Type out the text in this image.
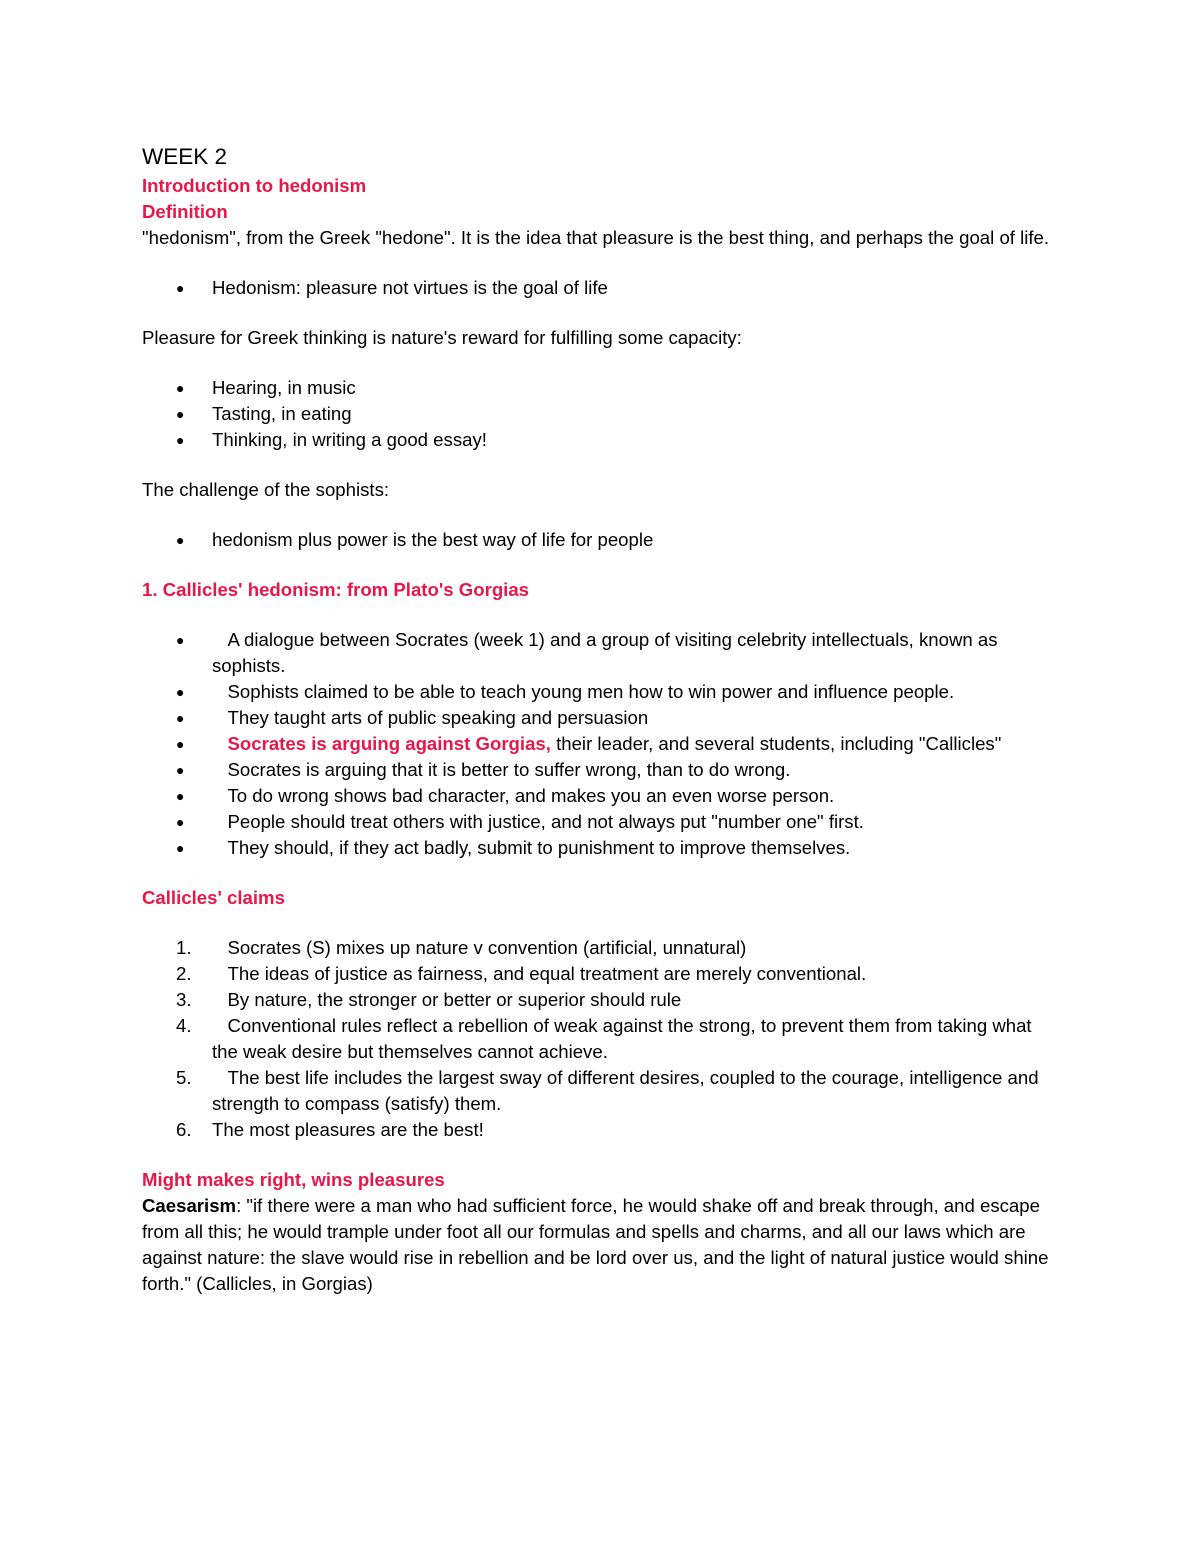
WEEK 2

Introduction to hedonism

Definition

"hedonism", from the Greek "hedone". It is the idea that pleasure is the best thing, and perhaps the goal of life.

● Hedonism: pleasure not virtues is the goal of life

Pleasure for Greek thinking is nature's reward for fulfilling some capacity:

● Hearing, in music
● Tasting, in eating
● Thinking, in writing a good essay!

The challenge of the sophists:

● hedonism plus power is the best way of life for people

1. Callicles' hedonism: from Plato's Gorgias

● A dialogue between Socrates (week 1) and a group of visiting celebrity intellectuals, known as sophists.
● Sophists claimed to be able to teach young men how to win power and influence people.
● They taught arts of public speaking and persuasion
● Socrates is arguing against Gorgias, their leader, and several students, including "Callicles"
● Socrates is arguing that it is better to suffer wrong, than to do wrong.
● To do wrong shows bad character, and makes you an even worse person.
● People should treat others with justice, and not always put "number one" first.
● They should, if they act badly, submit to punishment to improve themselves.

Callicles' claims

1. Socrates (S) mixes up nature v convention (artificial, unnatural)
2. The ideas of justice as fairness, and equal treatment are merely conventional.
3. By nature, the stronger or better or superior should rule
4. Conventional rules reflect a rebellion of weak against the strong, to prevent them from taking what the weak desire but themselves cannot achieve.
5. The best life includes the largest sway of different desires, coupled to the courage, intelligence and strength to compass (satisfy) them.
6. The most pleasures are the best!

Might makes right, wins pleasures

Caesarism: "if there were a man who had sufficient force, he would shake off and break through, and escape from all this; he would trample under foot all our formulas and spells and charms, and all our laws which are against nature: the slave would rise in rebellion and be lord over us, and the light of natural justice would shine forth." (Callicles, in Gorgias)
